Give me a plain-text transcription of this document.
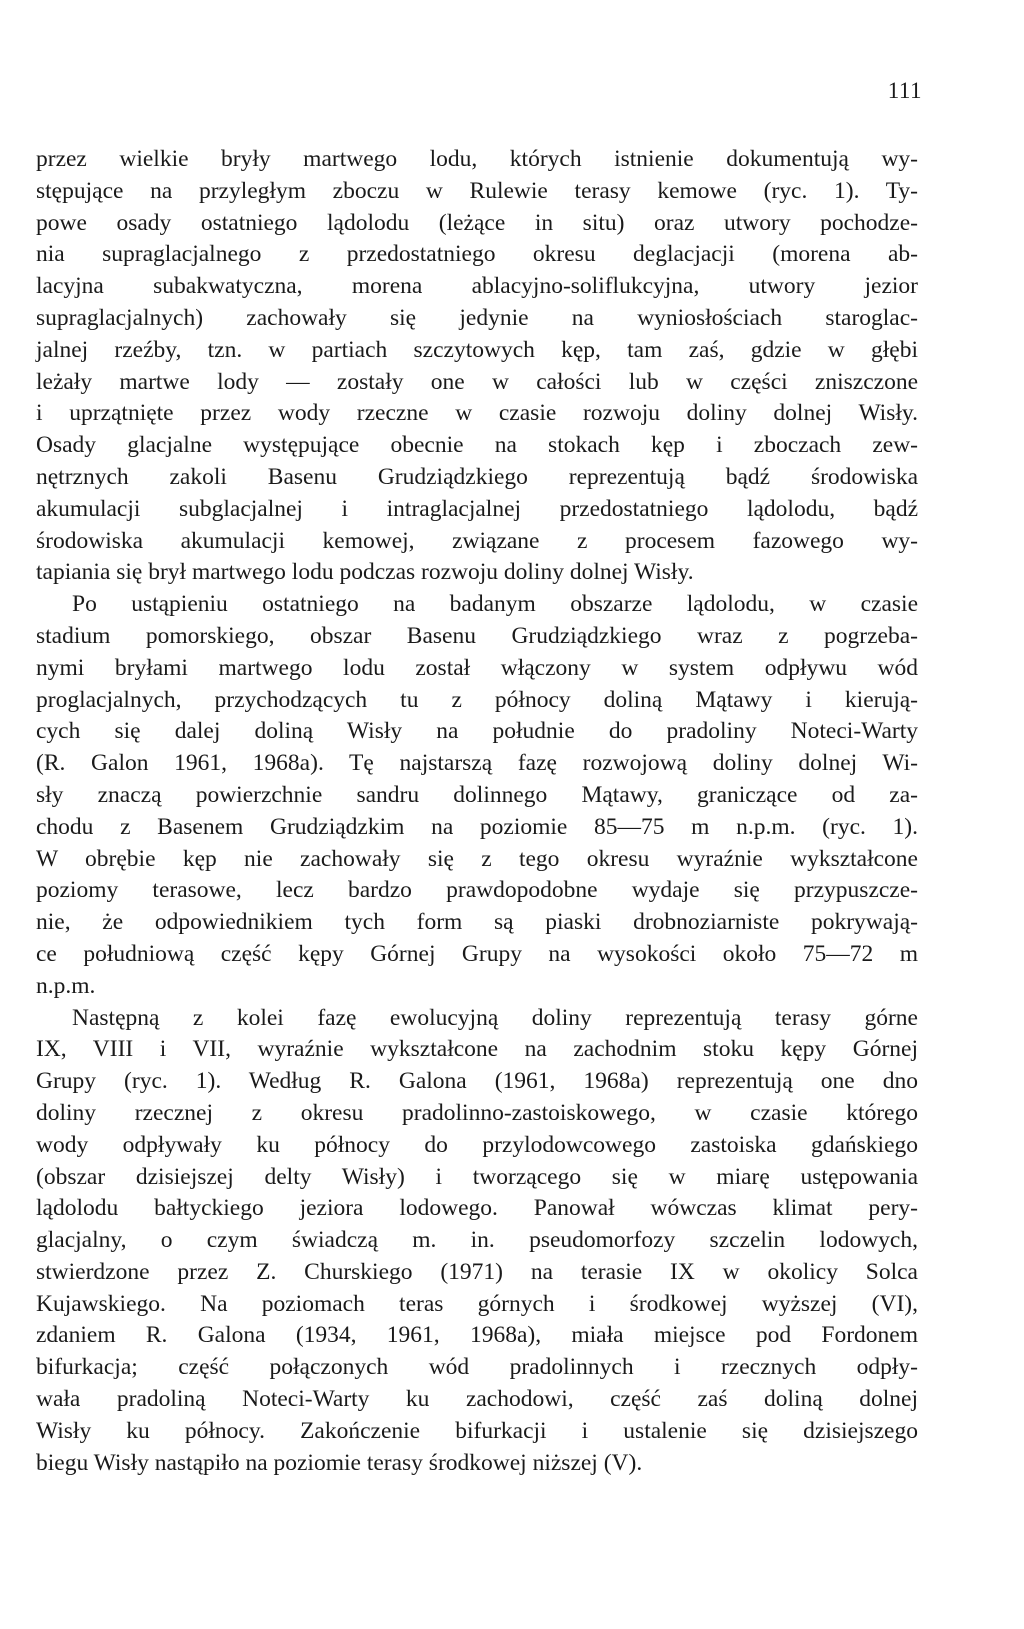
111
przez wielkie bryły martwego lodu, których istnienie dokumentują wy-
stępujące na przyległym zboczu w Rulewie terasy kemowe (ryc. 1). Ty-
powe osady ostatniego lądolodu (leżące in situ) oraz utwory pochodze-
nia supraglacjalnego z przedostatniego okresu deglacjacji (morena ab-
lacyjna subakwatyczna, morena ablacyjno-soliflukcyjna, utwory jezior
supraglacjalnych) zachowały się jedynie na wyniosłościach staroglac-
jalnej rzeźby, tzn. w partiach szczytowych kęp, tam zaś, gdzie w głębi
leżały martwe lody — zostały one w całości lub w części zniszczone
i uprzątnięte przez wody rzeczne w czasie rozwoju doliny dolnej Wisły.
Osady glacjalne występujące obecnie na stokach kęp i zboczach zew-
nętrznych zakoli Basenu Grudziądzkiego reprezentują bądź środowiska
akumulacji subglacjalnej i intraglacjalnej przedostatniego lądolodu, bądź
środowiska akumulacji kemowej, związane z procesem fazowego wy-
tapiania się brył martwego lodu podczas rozwoju doliny dolnej Wisły.
Po ustąpieniu ostatniego na badanym obszarze lądolodu, w czasie
stadium pomorskiego, obszar Basenu Grudziądzkiego wraz z pogrzeba-
nymi bryłami martwego lodu został włączony w system odpływu wód
proglacjalnych, przychodzących tu z północy doliną Mątawy i kierują-
cych się dalej doliną Wisły na południe do pradoliny Noteci-Warty
(R. Galon 1961, 1968a). Tę najstarszą fazę rozwojową doliny dolnej Wi-
sły znaczą powierzchnie sandru dolinnego Mątawy, graniczące od za-
chodu z Basenem Grudziądzkim na poziomie 85—75 m n.p.m. (ryc. 1).
W obrębie kęp nie zachowały się z tego okresu wyraźnie wykształcone
poziomy terasowe, lecz bardzo prawdopodobne wydaje się przypuszcze-
nie, że odpowiednikiem tych form są piaski drobnoziarniste pokrywają-
ce południową część kępy Górnej Grupy na wysokości około 75—72 m
n.p.m.
Następną z kolei fazę ewolucyjną doliny reprezentują terasy górne
IX, VIII i VII, wyraźnie wykształcone na zachodnim stoku kępy Górnej
Grupy (ryc. 1). Według R. Galona (1961, 1968a) reprezentują one dno
doliny rzecznej z okresu pradolinno-zastoiskowego, w czasie którego
wody odpływały ku północy do przylodowcowego zastoiska gdańskiego
(obszar dzisiejszej delty Wisły) i tworzącego się w miarę ustępowania
lądolodu bałtyckiego jeziora lodowego. Panował wówczas klimat pery-
glacjalny, o czym świadczą m. in. pseudomorfozy szczelin lodowych,
stwierdzone przez Z. Churskiego (1971) na terasie IX w okolicy Solca
Kujawskiego. Na poziomach teras górnych i środkowej wyższej (VI),
zdaniem R. Galona (1934, 1961, 1968a), miała miejsce pod Fordonem
bifurkacja; część połączonych wód pradolinnych i rzecznych odpły-
wała pradoliną Noteci-Warty ku zachodowi, część zaś doliną dolnej
Wisły ku północy. Zakończenie bifurkacji i ustalenie się dzisiejszego
biegu Wisły nastąpiło na poziomie terasy środkowej niższej (V).
